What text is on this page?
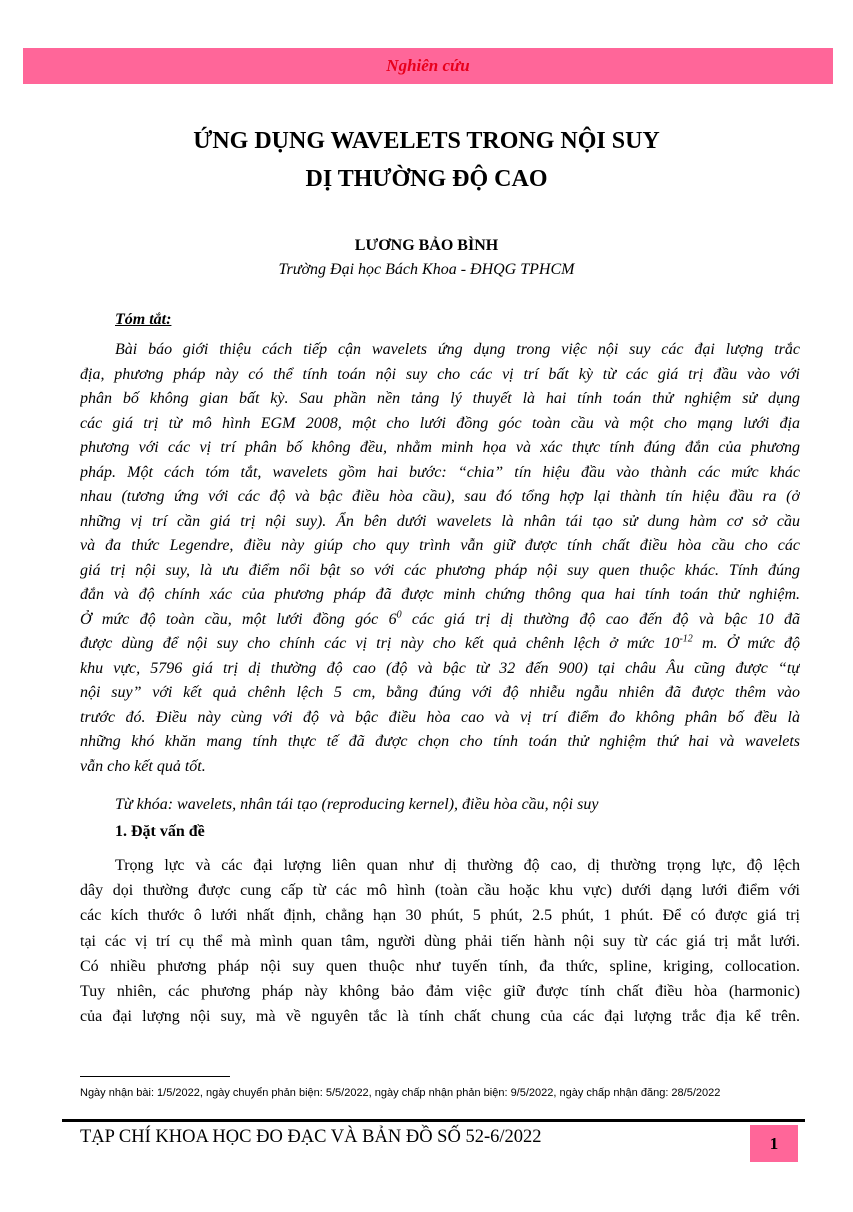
Nghiên cứu
ỨNG DỤNG WAVELETS TRONG NỘI SUY
DỊ THƯỜNG ĐỘ CAO
LƯƠNG BẢO BÌNH
Trường Đại học Bách Khoa - ĐHQG TPHCM
Tóm tắt:
Bài báo giới thiệu cách tiếp cận wavelets ứng dụng trong việc nội suy các đại lượng trắc
địa, phương pháp này có thể tính toán nội suy cho các vị trí bất kỳ từ các giá trị đầu vào với
phân bố không gian bất kỳ. Sau phần nền tảng lý thuyết là hai tính toán thử nghiệm sử dụng
các giá trị từ mô hình EGM 2008, một cho lưới đồng góc toàn cầu và một cho mạng lưới địa
phương với các vị trí phân bố không đều, nhằm minh họa và xác thực tính đúng đắn của phương
pháp. Một cách tóm tắt, wavelets gồm hai bước: “chia” tín hiệu đầu vào thành các mức khác
nhau (tương ứng với các độ và bậc điều hòa cầu), sau đó tổng hợp lại thành tín hiệu đầu ra (ở
những vị trí cần giá trị nội suy). Ẩn bên dưới wavelets là nhân tái tạo sử dung hàm cơ sở cầu
và đa thức Legendre, điều này giúp cho quy trình vẫn giữ được tính chất điều hòa cầu cho các
giá trị nội suy, là ưu điểm nổi bật so với các phương pháp nội suy quen thuộc khác. Tính đúng
đắn và độ chính xác của phương pháp đã được minh chứng thông qua hai tính toán thử nghiệm.
Ở mức độ toàn cầu, một lưới đồng góc $6^0$ các giá trị dị thường độ cao đến độ và bậc 10 đã
được dùng để nội suy cho chính các vị trị này cho kết quả chênh lệch ở mức $10^{-12}$ m. Ở mức độ
khu vực, 5796 giá trị dị thường độ cao (độ và bậc từ 32 đến 900) tại châu Âu cũng được “tự
nội suy” với kết quả chênh lệch 5 cm, bằng đúng với độ nhiễu ngẫu nhiên đã được thêm vào
trước đó. Điều này cùng với độ và bậc điều hòa cao và vị trí điểm đo không phân bố đều là
những khó khăn mang tính thực tế đã được chọn cho tính toán thử nghiệm thứ hai và wavelets
vẫn cho kết quả tốt.
Từ khóa: wavelets, nhân tái tạo (reproducing kernel), điều hòa cầu, nội suy
1. Đặt vấn đề
Trọng lực và các đại lượng liên quan như dị thường độ cao, dị thường trọng lực, độ lệch
dây dọi thường được cung cấp từ các mô hình (toàn cầu hoặc khu vực) dưới dạng lưới điểm với
các kích thước ô lưới nhất định, chẳng hạn 30 phút, 5 phút, 2.5 phút, 1 phút. Để có được giá trị
tại các vị trí cụ thể mà mình quan tâm, người dùng phải tiến hành nội suy từ các giá trị mắt lưới.
Có nhiều phương pháp nội suy quen thuộc như tuyến tính, đa thức, spline, kriging, collocation.
Tuy nhiên, các phương pháp này không bảo đảm việc giữ được tính chất điều hòa (harmonic)
của đại lượng nội suy, mà về nguyên tắc là tính chất chung của các đại lượng trắc địa kể trên.
Ngày nhận bài: 1/5/2022, ngày chuyển phản biện: 5/5/2022, ngày chấp nhận phản biện: 9/5/2022, ngày chấp nhận đăng: 28/5/2022
TẠP CHÍ KHOA HỌC ĐO ĐẠC VÀ BẢN ĐỒ SỐ 52-6/2022	1
